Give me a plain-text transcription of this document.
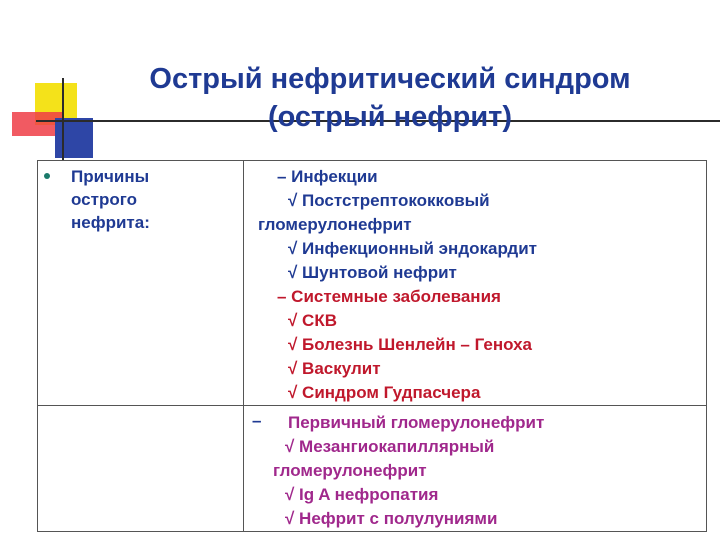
Острый нефритический синдром
(острый нефрит)
Причины
острого
нефрита:
– Инфекции
√ Постстрептококковый
гломерулонефрит
√ Инфекционный эндокардит
√ Шунтовой нефрит
– Системные заболевания
√ СКВ
√ Болезнь Шенлейн – Геноха
√ Васкулит
√ Синдром Гудпасчера
– Первичный гломерулонефрит
√ Мезангиокапиллярный
гломерулонефрит
√ Ig A нефропатия
√ Нефрит с полулуниями
